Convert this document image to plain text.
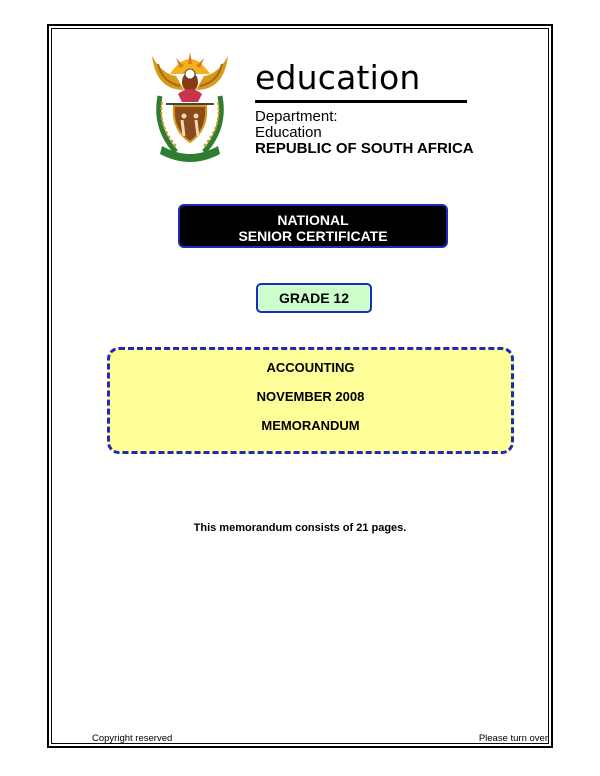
education
Department:
Education
REPUBLIC OF SOUTH AFRICA
NATIONAL
SENIOR CERTIFICATE
GRADE 12
ACCOUNTING
NOVEMBER 2008
MEMORANDUM
This memorandum consists of 21 pages.
Copyright reserved	Please turn over
